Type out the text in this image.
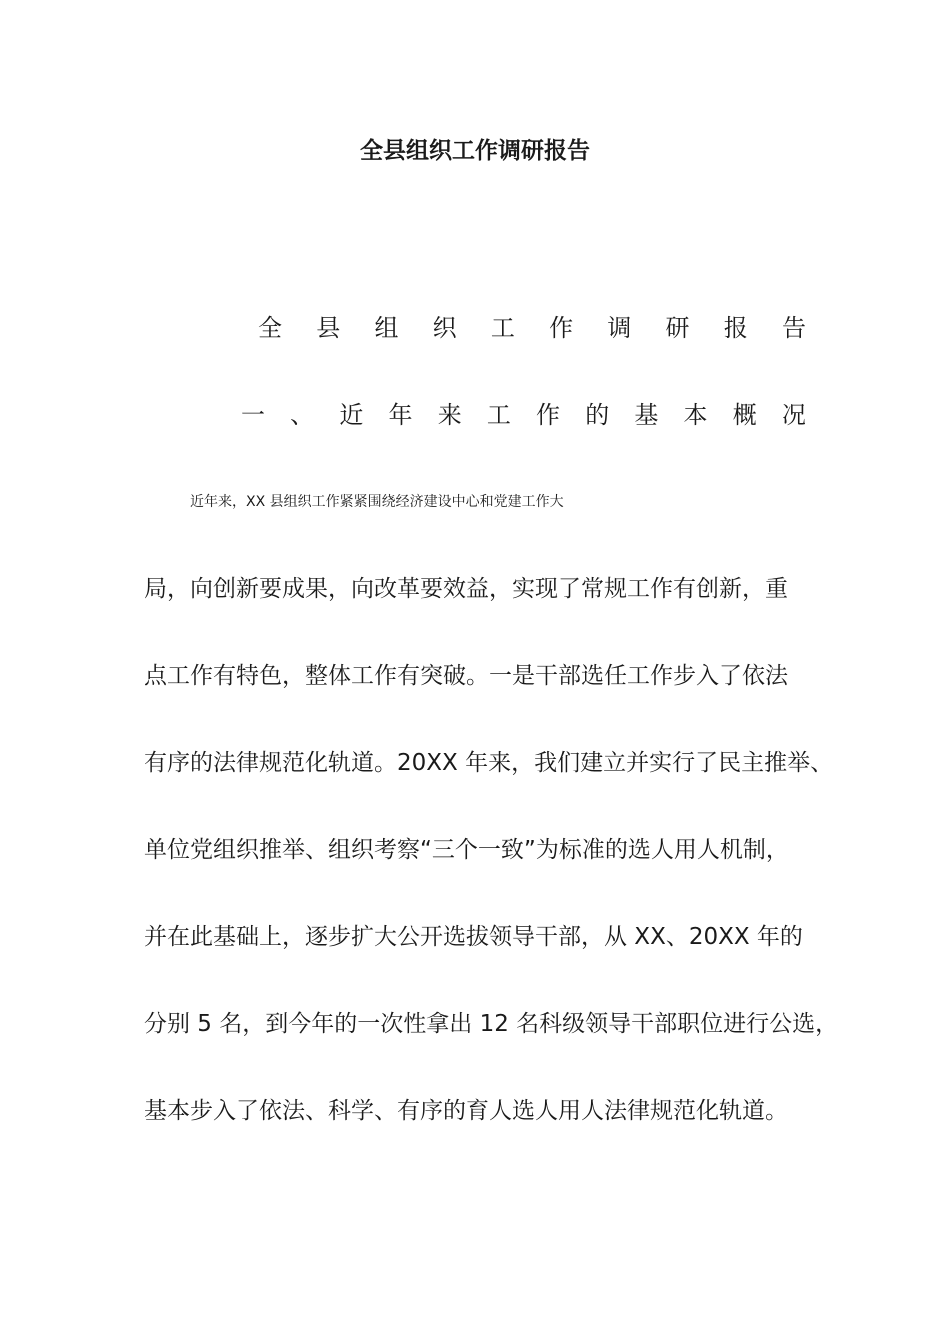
全县组织工作调研报告
全 县 组 织 工 作 调 研 报 告
一 、 近 年 来 工 作 的 基 本 概 况
近年来，XX 县组织工作紧紧围绕经济建设中心和党建工作大
局，向创新要成果，向改革要效益，实现了常规工作有创新，重
点工作有特色，整体工作有突破。一是干部选任工作步入了依法
有序的法律规范化轨道。20XX 年来，我们建立并实行了民主推举、
单位党组织推举、组织考察“三个一致”为标准的选人用人机制，
并在此基础上，逐步扩大公开选拔领导干部，从 XX、20XX 年的
分别 5 名，到今年的一次性拿出 12 名科级领导干部职位进行公选，
基本步入了依法、科学、有序的育人选人用人法律规范化轨道。
